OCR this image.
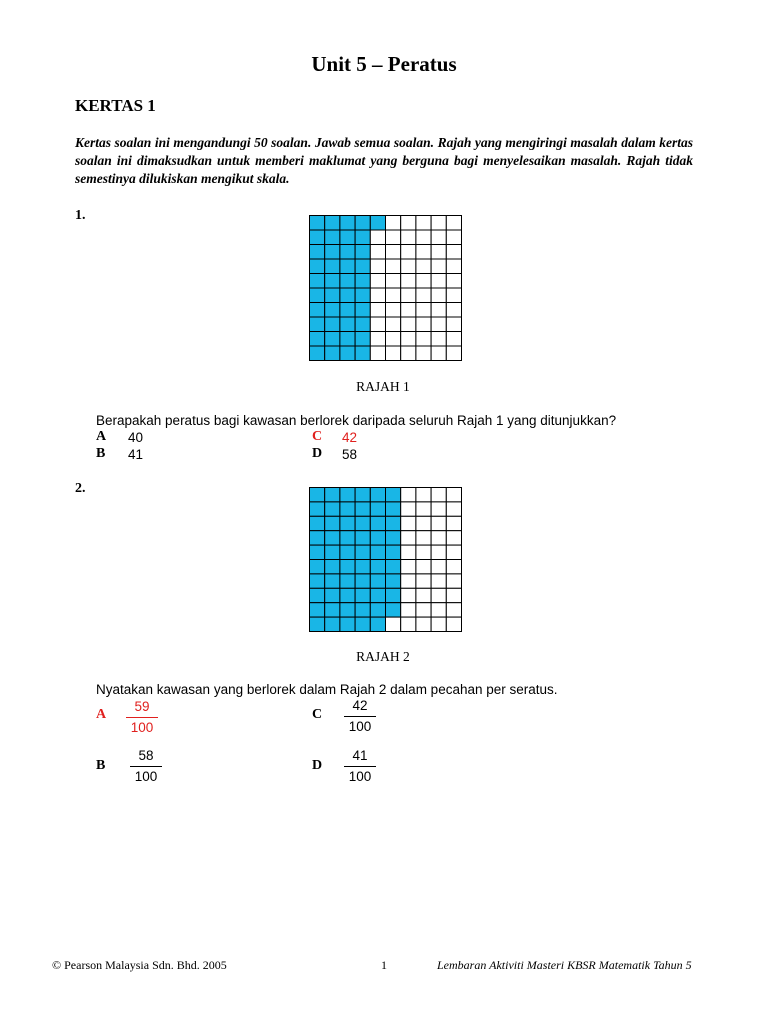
Unit 5 – Peratus
KERTAS 1
Kertas soalan ini mengandungi 50 soalan. Jawab semua soalan. Rajah yang mengiringi masalah dalam kertas soalan ini dimaksudkan untuk memberi maklumat yang berguna bagi menyelesaikan masalah. Rajah tidak semestinya dilukiskan mengikut skala.
1.
RAJAH 1
Berapakah peratus bagi kawasan berlorek daripada seluruh Rajah 1 yang ditunjukkan?
A 40	C 42
B 41	D 58
2.
RAJAH 2
Nyatakan kawasan yang berlorek dalam Rajah 2 dalam pecahan per seratus.
A
59
100
C
42
100
B
58
100
D
41
100
© Pearson Malaysia Sdn. Bhd. 2005	1	Lembaran Aktiviti Masteri KBSR Matematik Tahun 5
